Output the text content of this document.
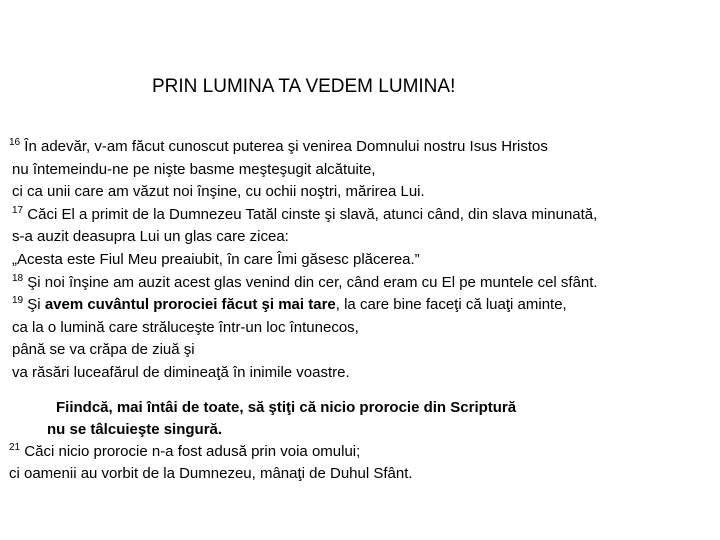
PRIN LUMINA TA VEDEM LUMINA!
$^{16}$ În adevăr, v-am făcut cunoscut puterea şi venirea Domnului nostru Isus Hristos
nu întemeindu-ne pe nişte basme meşteşugit alcătuite,
ci ca unii care am văzut noi înşine, cu ochii noştri, mărirea Lui.
$^{17}$ Căci El a primit de la Dumnezeu Tatăl cinste şi slavă, atunci când, din slava minunată,
s-a auzit deasupra Lui un glas care zicea:
„Acesta este Fiul Meu preaiubit, în care Îmi găsesc plăcerea.”
$^{18}$ Şi noi înşine am auzit acest glas venind din cer, când eram cu El pe muntele cel sfânt.
$^{19}$ Şi avem cuvântul prorociei făcut şi mai tare, la care bine faceţi că luaţi aminte,
ca la o lumină care străluceşte într-un loc întunecos,
până se va crăpa de ziuă şi
va răsări luceafărul de dimineaţă în inimile voastre.
Fiindcă, mai întâi de toate, să ştiţi că nicio prorocie din Scriptură
nu se tâlcuieşte singură.
$^{21}$ Căci nicio prorocie n-a fost adusă prin voia omului;
ci oamenii au vorbit de la Dumnezeu, mânaţi de Duhul Sfânt.
